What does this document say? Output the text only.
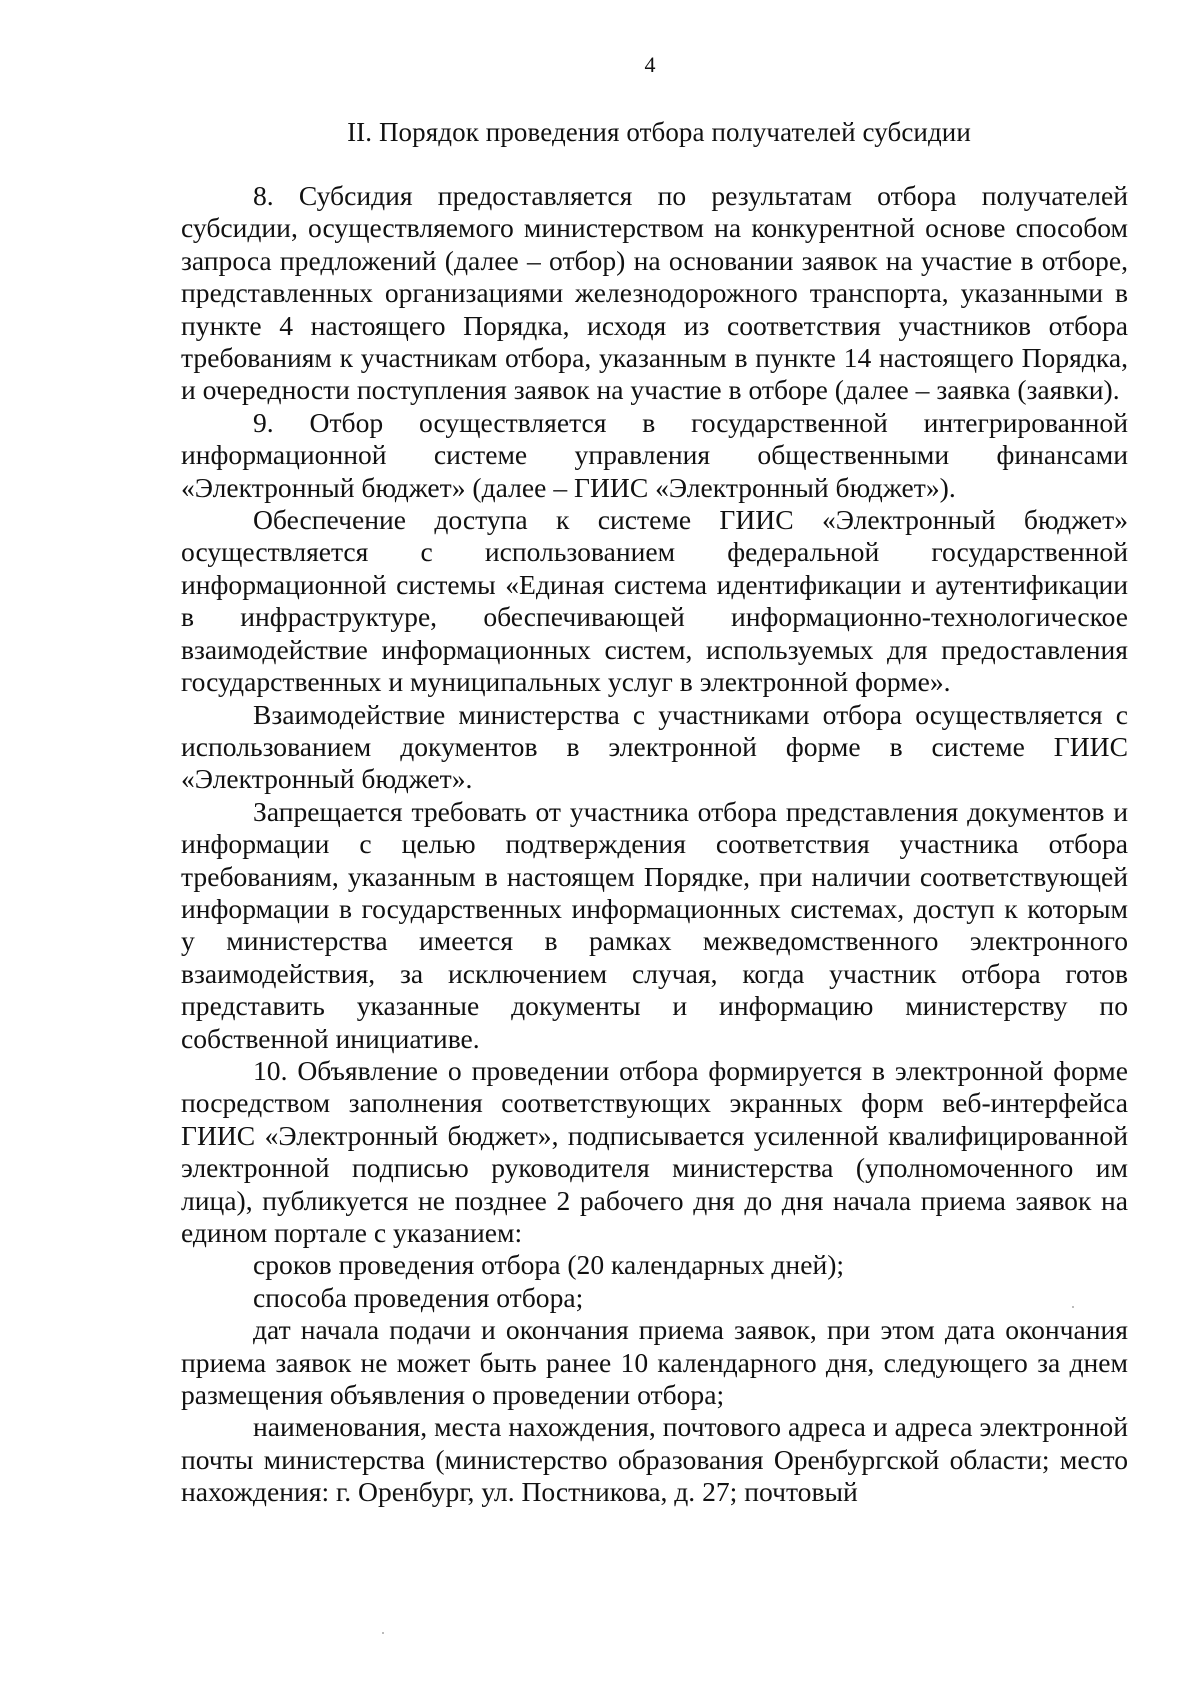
4
II. Порядок проведения отбора получателей субсидии

8. Субсидия предоставляется по результатам отбора получателей субсидии, осуществляемого министерством на конкурентной основе способом запроса предложений (далее – отбор) на основании заявок на участие в отборе, представленных организациями железнодорожного транспорта, указанными в пункте 4 настоящего Порядка, исходя из соответствия участников отбора требованиям к участникам отбора, указанным в пункте 14 настоящего Порядка, и очередности поступления заявок на участие в отборе (далее – заявка (заявки).

9. Отбор осуществляется в государственной интегрированной информационной системе управления общественными финансами «Электронный бюджет» (далее – ГИИС «Электронный бюджет»).

Обеспечение доступа к системе ГИИС «Электронный бюджет» осуществляется с использованием федеральной государственной информационной системы «Единая система идентификации и аутентификации в инфраструктуре, обеспечивающей информационно-технологическое взаимодействие информационных систем, используемых для предоставления государственных и муниципальных услуг в электронной форме».

Взаимодействие министерства с участниками отбора осуществляется с использованием документов в электронной форме в системе ГИИС «Электронный бюджет».

Запрещается требовать от участника отбора представления документов и информации с целью подтверждения соответствия участника отбора требованиям, указанным в настоящем Порядке, при наличии соответствующей информации в государственных информационных системах, доступ к которым у министерства имеется в рамках межведомственного электронного взаимодействия, за исключением случая, когда участник отбора готов представить указанные документы и информацию министерству по собственной инициативе.

10. Объявление о проведении отбора формируется в электронной форме посредством заполнения соответствующих экранных форм веб-интерфейса ГИИС «Электронный бюджет», подписывается усиленной квалифицированной электронной подписью руководителя министерства (уполномоченного им лица), публикуется не позднее 2 рабочего дня до дня начала приема заявок на едином портале с указанием:

сроков проведения отбора (20 календарных дней);

способа проведения отбора;

дат начала подачи и окончания приема заявок, при этом дата окончания приема заявок не может быть ранее 10 календарного дня, следующего за днем размещения объявления о проведении отбора;

наименования, места нахождения, почтового адреса и адреса электронной почты министерства (министерство образования Оренбургской области; место нахождения: г. Оренбург, ул. Постникова, д. 27; почтовый
